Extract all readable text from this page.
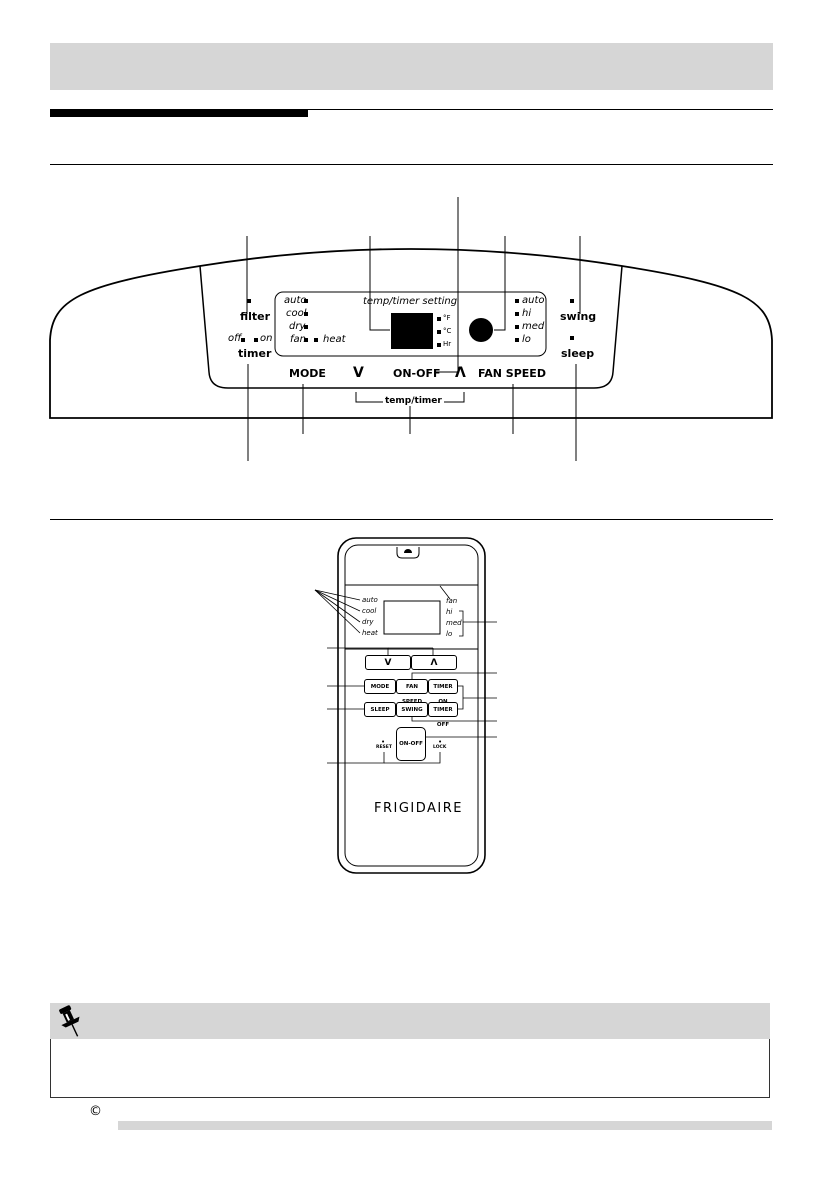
filter
off on
timer
swing
sleep
auto
cool
dry
fan heat
temp/timer setting
°F
°C
Hr
auto
hi
med
lo
MODE V	ON-OFF Λ FAN SPEED
temp/timer
auto
cool
dry
heat
fan
hi
med
lo
V	Λ
MODE	FAN	TIMER
SLEEP	SWING	TIMER OFF
ON-OFF
•
RESET
•
LOCK
FRIGIDAIRE
©
